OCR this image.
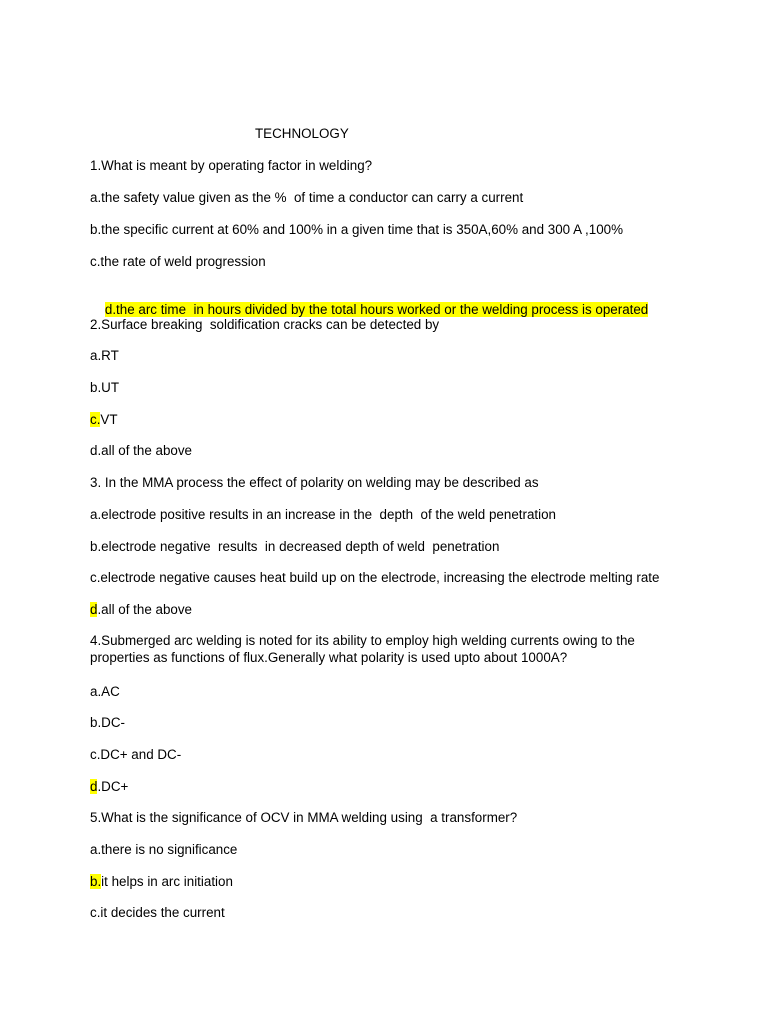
TECHNOLOGY
1.What is meant by operating factor in welding?
a.the safety value given as the %  of time a conductor can carry a current
b.the specific current at 60% and 100% in a given time that is 350A,60% and 300 A ,100%
c.the rate of weld progression

d.the arc time  in hours divided by the total hours worked or the welding process is operated

2.Surface breaking  soldification cracks can be detected by
a.RT
b.UT
c.VT
d.all of the above
3. In the MMA process the effect of polarity on welding may be described as
a.electrode positive results in an increase in the  depth  of the weld penetration
b.electrode negative  results  in decreased depth of weld  penetration
c.electrode negative causes heat build up on the electrode, increasing the electrode melting rate
d.all of the above
4.Submerged arc welding is noted for its ability to employ high welding currents owing to the properties as functions of flux.Generally what polarity is used upto about 1000A?
a.AC
b.DC-
c.DC+ and DC-
d.DC+
5.What is the significance of OCV in MMA welding using  a transformer?
a.there is no significance
b.it helps in arc initiation
c.it decides the current
